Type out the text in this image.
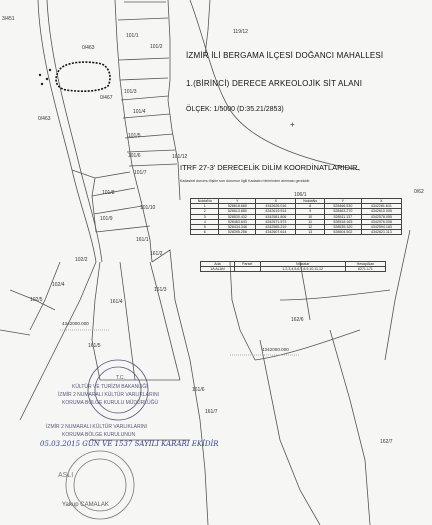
İZMİR İLİ BERGAMA İLÇESİ DOĞANCI MAHALLESİ
1.(BİRİNCİ) DERECE ARKEOLOJİK SİT ALANI
ÖLÇEK: 1/5000 (D:35.21/2853)
+
ITRF 27-3' DERECELİK DİLİM KOORDİNATLARIDIR.
Kadastral durumu ilişkin son durumun ilgili Kadastro biriminden alınması gerekidir.
NoktaNo	Y	X	NoktaNo	Y	X
1	528618.680	4342626.016	8	528466.530	4342281.631
2	528613.880	4342619.914	9	528463.270	4342610.005
3	528530.432	4342581.806	10	528511.137	4342578.055
4	528463.643	4342571.573	11	528518.163	4342576.008
5	528434.346	4342565.219	12	528535.320	4342594.183
6	528395.256	4342607.614	13	528604.502	4342621.113
Ada	Parsel	Noktalar	HesapAlan
1A ALAN		1,2,3,4,5,6,7,8,9,10,11,12	6271.171
3/451
0/463
0/467
0/463
101/1
101/2
101/3
101/4
101/5
101/6
101/7
101/8
101/9
101/10
101/12
119/12
161/1
161/2
161/3
161/4
161/5
161/6
161/7
102/2
102/4
102/5
162/6
162/7
106/1	0/62
4342000.000
4342000.000
T.C.
KÜLTÜR VE TURİZM BAKANLIĞI
İZMİR 2 NUMARALI KÜLTÜR VARLIKLARINI
KORUMA BÖLGE KURULU MÜDÜRLÜĞÜ
İZMİR 2 NUMARALI KÜLTÜR VARLIKLARINI
KORUMA BÖLGE KURULUNUN
05.03.2015 GÜN VE 1537 SAYILI KARARI EKİDİR
ASLI
Yakup CAMALAK
